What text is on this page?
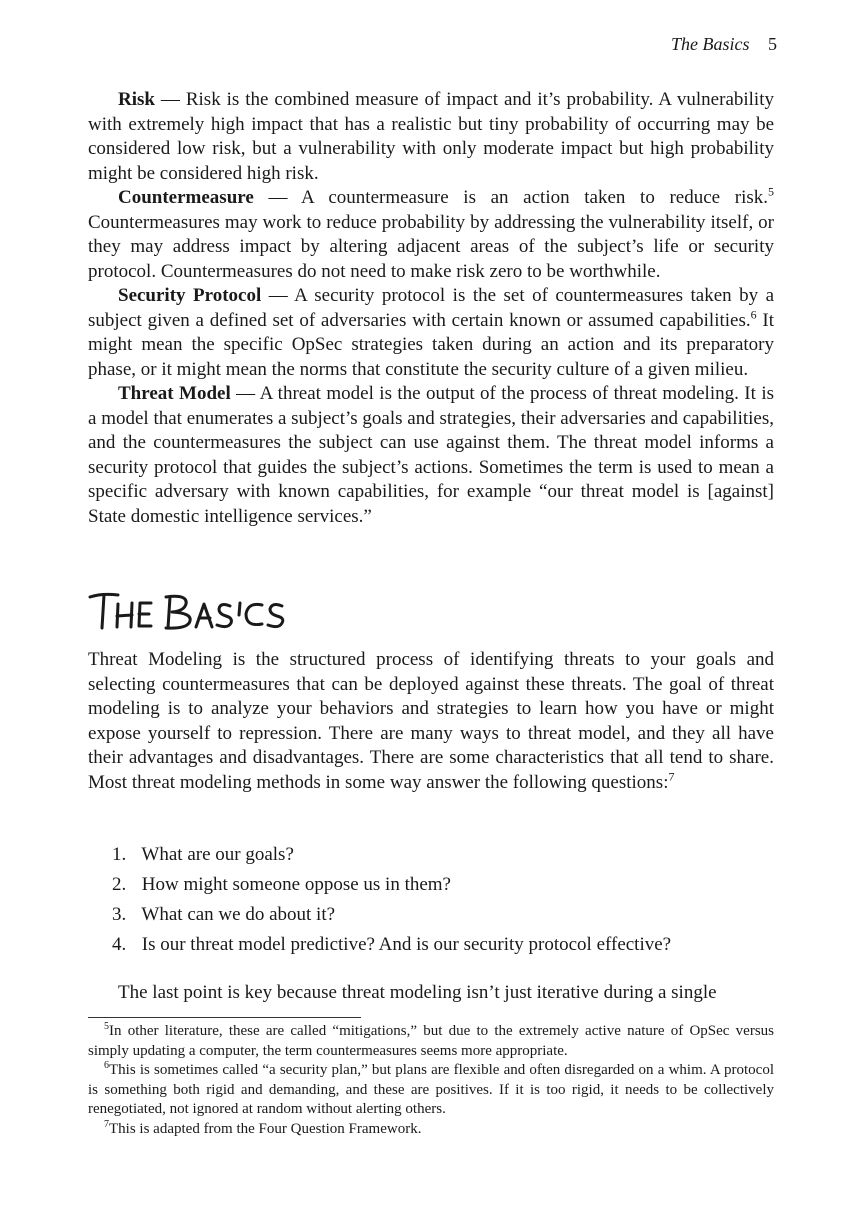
The Basics 5

Risk — Risk is the combined measure of impact and it’s probability. A vulnerability with extremely high impact that has a realistic but tiny probability of occurring may be considered low risk, but a vulnerability with only moderate impact but high probability might be considered high risk.

Countermeasure — A countermeasure is an action taken to reduce risk.$^5$ Countermeasures may work to reduce probability by addressing the vulnerability itself, or they may address impact by altering adjacent areas of the subject’s life or security protocol. Countermeasures do not need to make risk zero to be worthwhile.

Security Protocol — A security protocol is the set of countermeasures taken by a subject given a defined set of adversaries with certain known or assumed capabilities.$^6$ It might mean the specific OpSec strategies taken during an action and its preparatory phase, or it might mean the norms that constitute the security culture of a given milieu.

Threat Model — A threat model is the output of the process of threat modeling. It is a model that enumerates a subject’s goals and strategies, their adversaries and capabilities, and the countermeasures the subject can use against them. The threat model informs a security protocol that guides the subject’s actions. Sometimes the term is used to mean a specific adversary with known capabilities, for example “our threat model is [against] State domestic intelligence services.”

Threat Modeling is the structured process of identifying threats to your goals and selecting countermeasures that can be deployed against these threats. The goal of threat modeling is to analyze your behaviors and strategies to learn how you have or might expose yourself to repression. There are many ways to threat model, and they all have their advantages and disadvantages. There are some characteristics that all tend to share. Most threat modeling methods in some way answer the following questions:$^7$

1. What are our goals?
2. How might someone oppose us in them?
3. What can we do about it?
4. Is our threat model predictive? And is our security protocol effective?

The last point is key because threat modeling isn’t just iterative during a single

$^5$In other literature, these are called “mitigations,” but due to the extremely active nature of OpSec versus simply updating a computer, the term countermeasures seems more appropriate.

$^6$This is sometimes called “a security plan,” but plans are flexible and often disregarded on a whim. A protocol is something both rigid and demanding, and these are positives. If it is too rigid, it needs to be collectively renegotiated, not ignored at random without alerting others.

$^7$This is adapted from the Four Question Framework.
